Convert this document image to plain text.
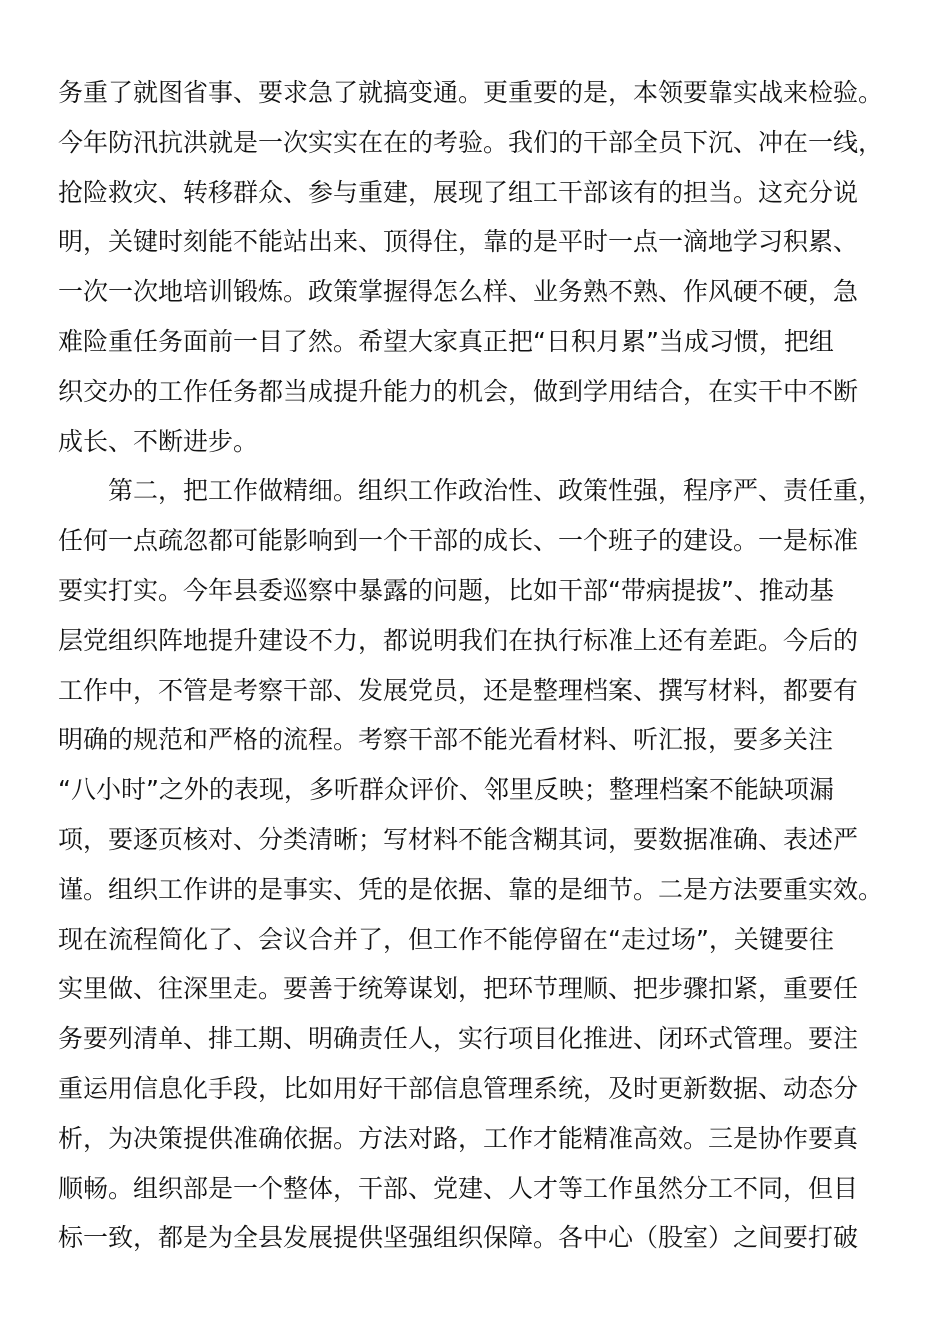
务重了就图省事、要求急了就搞变通。更重要的是，本领要靠实战来检验。
今年防汛抗洪就是一次实实在在的考验。我们的干部全员下沉、冲在一线，
抢险救灾、转移群众、参与重建，展现了组工干部该有的担当。这充分说
明，关键时刻能不能站出来、顶得住，靠的是平时一点一滴地学习积累、
一次一次地培训锻炼。政策掌握得怎么样、业务熟不熟、作风硬不硬，急
难险重任务面前一目了然。希望大家真正把“日积月累”当成习惯，把组
织交办的工作任务都当成提升能力的机会，做到学用结合，在实干中不断
成长、不断进步。
第二，把工作做精细。组织工作政治性、政策性强，程序严、责任重，
任何一点疏忽都可能影响到一个干部的成长、一个班子的建设。一是标准
要实打实。今年县委巡察中暴露的问题，比如干部“带病提拔”、推动基
层党组织阵地提升建设不力，都说明我们在执行标准上还有差距。今后的
工作中，不管是考察干部、发展党员，还是整理档案、撰写材料，都要有
明确的规范和严格的流程。考察干部不能光看材料、听汇报，要多关注
“八小时”之外的表现，多听群众评价、邻里反映；整理档案不能缺项漏
项，要逐页核对、分类清晰；写材料不能含糊其词，要数据准确、表述严
谨。组织工作讲的是事实、凭的是依据、靠的是细节。二是方法要重实效。
现在流程简化了、会议合并了，但工作不能停留在“走过场”，关键要往
实里做、往深里走。要善于统筹谋划，把环节理顺、把步骤扣紧，重要任
务要列清单、排工期、明确责任人，实行项目化推进、闭环式管理。要注
重运用信息化手段，比如用好干部信息管理系统，及时更新数据、动态分
析，为决策提供准确依据。方法对路，工作才能精准高效。三是协作要真
顺畅。组织部是一个整体，干部、党建、人才等工作虽然分工不同，但目
标一致，都是为全县发展提供坚强组织保障。各中心（股室）之间要打破
